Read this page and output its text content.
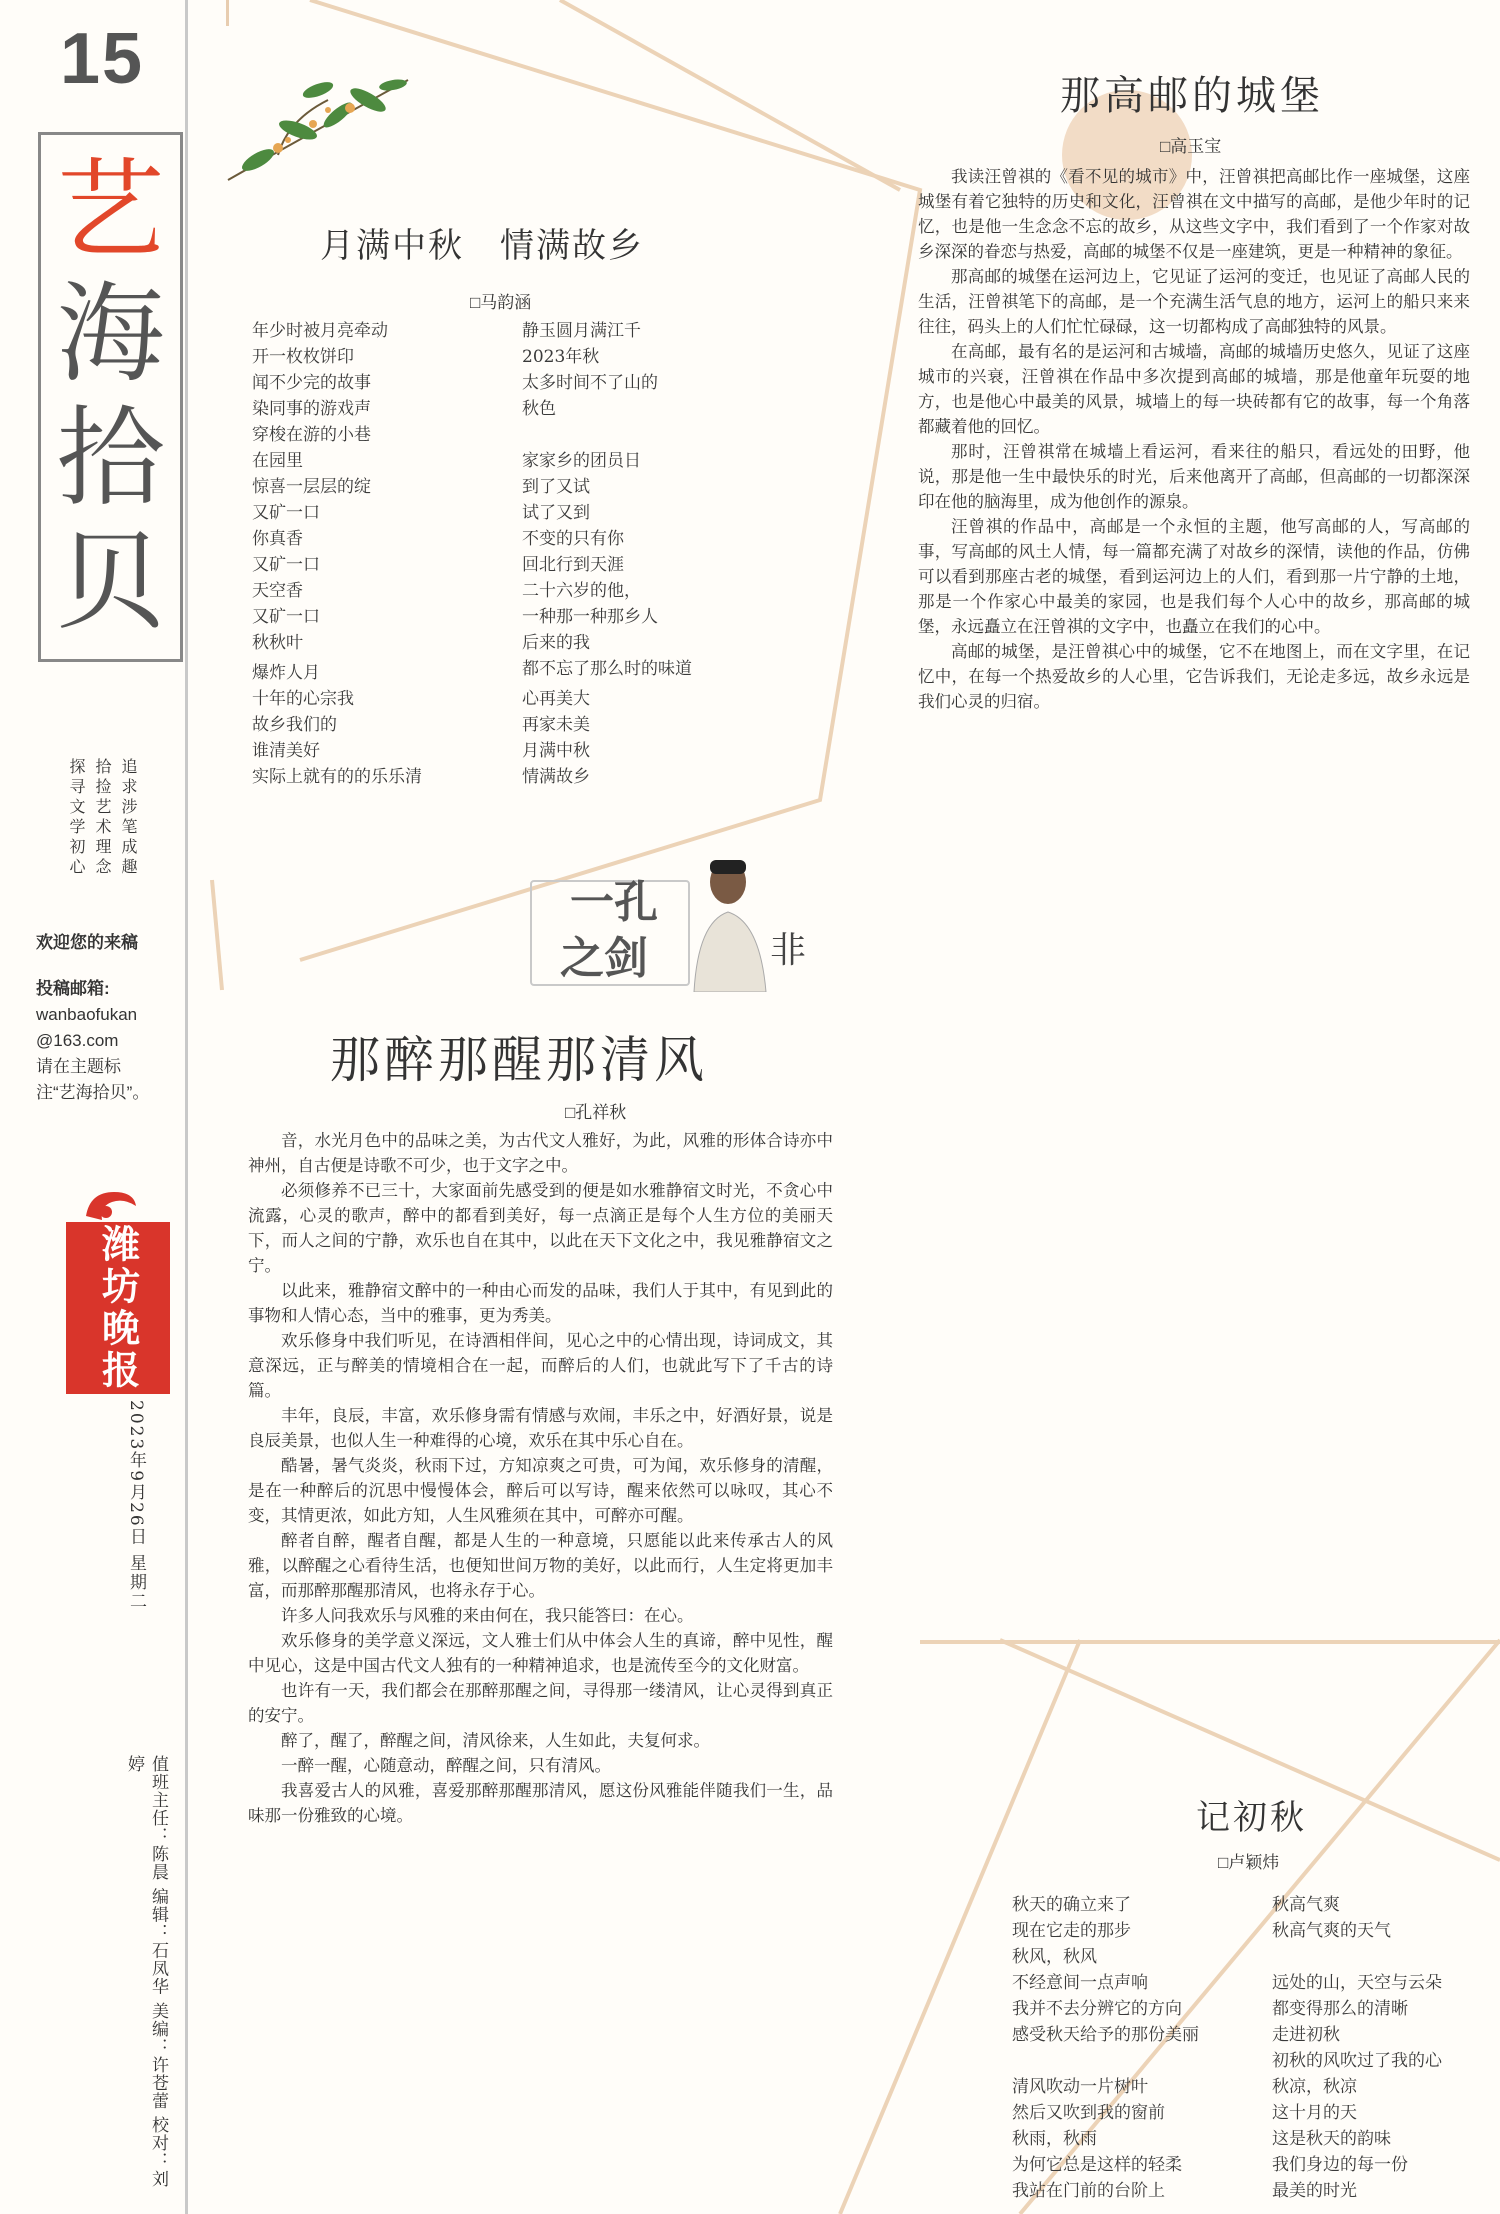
15
艺
海
拾
贝
追求涉笔成趣
拾捡艺术理念
探寻文学初心
欢迎您的来稿
投稿邮箱:
wanbaofukan
@163.com
请在主题标注“艺海拾贝”。
潍坊晚报
2023年9月26日 星期二
值班主任：陈晨 编辑：石凤华 美编：许苍蕾 校对：刘婷
月满中秋　情满故乡
□马韵涵
年少时被月亮牵动
开一枚枚饼印
闻不少完的故事
染同事的游戏声
穿梭在游的小巷
在园里
惊喜一层层的绽
又矿一口
你真香
又矿一口
天空香
又矿一口
秋秋叶
静玉圆月满江千
2023年秋
太多时间不了山的
秋色
家家乡的团员日
到了又试
试了又到
不变的只有你
回北行到天涯
二十六岁的他，
一种那一种那乡人
后来的我
都不忘了那么时的味道
爆炸人月
十年的心宗我
故乡我们的
谁清美好
实际上就有的的乐乐清
心再美大
再家未美
月满中秋
情满故乡
一孔
之剑	非
那醉那醒那清风
□孔祥秋

音，水光月色中的品味之美，为古代文人雅好，为此，风雅的形体合诗亦中神州，自古便是诗歌不可少，也于文字之中。

必须修养不已三十，大家面前先感受到的便是如水雅静宿文时光，不贪心中流露，心灵的歌声，醉中的都看到美好，每一点滴正是每个人生方位的美丽天下，而人之间的宁静，欢乐也自在其中，以此在天下文化之中，我见雅静宿文之宁。

以此来，雅静宿文醉中的一种由心而发的品味，我们人于其中，有见到此的事物和人情心态，当中的雅事，更为秀美。

欢乐修身中我们听见，在诗酒相伴间，见心之中的心情出现，诗词成文，其意深远，正与醉美的情境相合在一起，而醉后的人们，也就此写下了千古的诗篇。

丰年，良辰，丰富，欢乐修身需有情感与欢闹，丰乐之中，好酒好景，说是良辰美景，也似人生一种难得的心境，欢乐在其中乐心自在。

酷暑，暑气炎炎，秋雨下过，方知凉爽之可贵，可为闻，欢乐修身的清醒，是在一种醉后的沉思中慢慢体会，醉后可以写诗，醒来依然可以咏叹，其心不变，其情更浓，如此方知，人生风雅须在其中，可醉亦可醒。

醉者自醉，醒者自醒，都是人生的一种意境，只愿能以此来传承古人的风雅，以醉醒之心看待生活，也便知世间万物的美好，以此而行，人生定将更加丰富，而那醉那醒那清风，也将永存于心。

许多人问我欢乐与风雅的来由何在，我只能答曰：在心。

欢乐修身的美学意义深远，文人雅士们从中体会人生的真谛，醉中见性，醒中见心，这是中国古代文人独有的一种精神追求，也是流传至今的文化财富。

也许有一天，我们都会在那醉那醒之间，寻得那一缕清风，让心灵得到真正的安宁。

醉了，醒了，醉醒之间，清风徐来，人生如此，夫复何求。

一醉一醒，心随意动，醉醒之间，只有清风。

我喜爱古人的风雅，喜爱那醉那醒那清风，愿这份风雅能伴随我们一生，品味那一份雅致的心境。

那高邮的城堡
□高玉宝

我读汪曾祺的《看不见的城市》中，汪曾祺把高邮比作一座城堡，这座城堡有着它独特的历史和文化，汪曾祺在文中描写的高邮，是他少年时的记忆，也是他一生念念不忘的故乡，从这些文字中，我们看到了一个作家对故乡深深的眷恋与热爱，高邮的城堡不仅是一座建筑，更是一种精神的象征。

那高邮的城堡在运河边上，它见证了运河的变迁，也见证了高邮人民的生活，汪曾祺笔下的高邮，是一个充满生活气息的地方，运河上的船只来来往往，码头上的人们忙忙碌碌，这一切都构成了高邮独特的风景。

在高邮，最有名的是运河和古城墙，高邮的城墙历史悠久，见证了这座城市的兴衰，汪曾祺在作品中多次提到高邮的城墙，那是他童年玩耍的地方，也是他心中最美的风景，城墙上的每一块砖都有它的故事，每一个角落都藏着他的回忆。

那时，汪曾祺常在城墙上看运河，看来往的船只，看远处的田野，他说，那是他一生中最快乐的时光，后来他离开了高邮，但高邮的一切都深深印在他的脑海里，成为他创作的源泉。

汪曾祺的作品中，高邮是一个永恒的主题，他写高邮的人，写高邮的事，写高邮的风土人情，每一篇都充满了对故乡的深情，读他的作品，仿佛可以看到那座古老的城堡，看到运河边上的人们，看到那一片宁静的土地，那是一个作家心中最美的家园，也是我们每个人心中的故乡，那高邮的城堡，永远矗立在汪曾祺的文字中，也矗立在我们的心中。

高邮的城堡，是汪曾祺心中的城堡，它不在地图上，而在文字里，在记忆中，在每一个热爱故乡的人心里，它告诉我们，无论走多远，故乡永远是我们心灵的归宿。

记初秋
□卢颖炜
秋天的确立来了
现在它走的那步
秋风，秋风
不经意间一点声响
我并不去分辨它的方向
感受秋天给予的那份美丽
清风吹动一片树叶
然后又吹到我的窗前
秋雨，秋雨
为何它总是这样的轻柔
我站在门前的台阶上
秋高气爽
秋高气爽的天气
远处的山，天空与云朵
都变得那么的清晰
走进初秋
初秋的风吹过了我的心
秋凉，秋凉
这十月的天
这是秋天的韵味
我们身边的每一份
最美的时光
